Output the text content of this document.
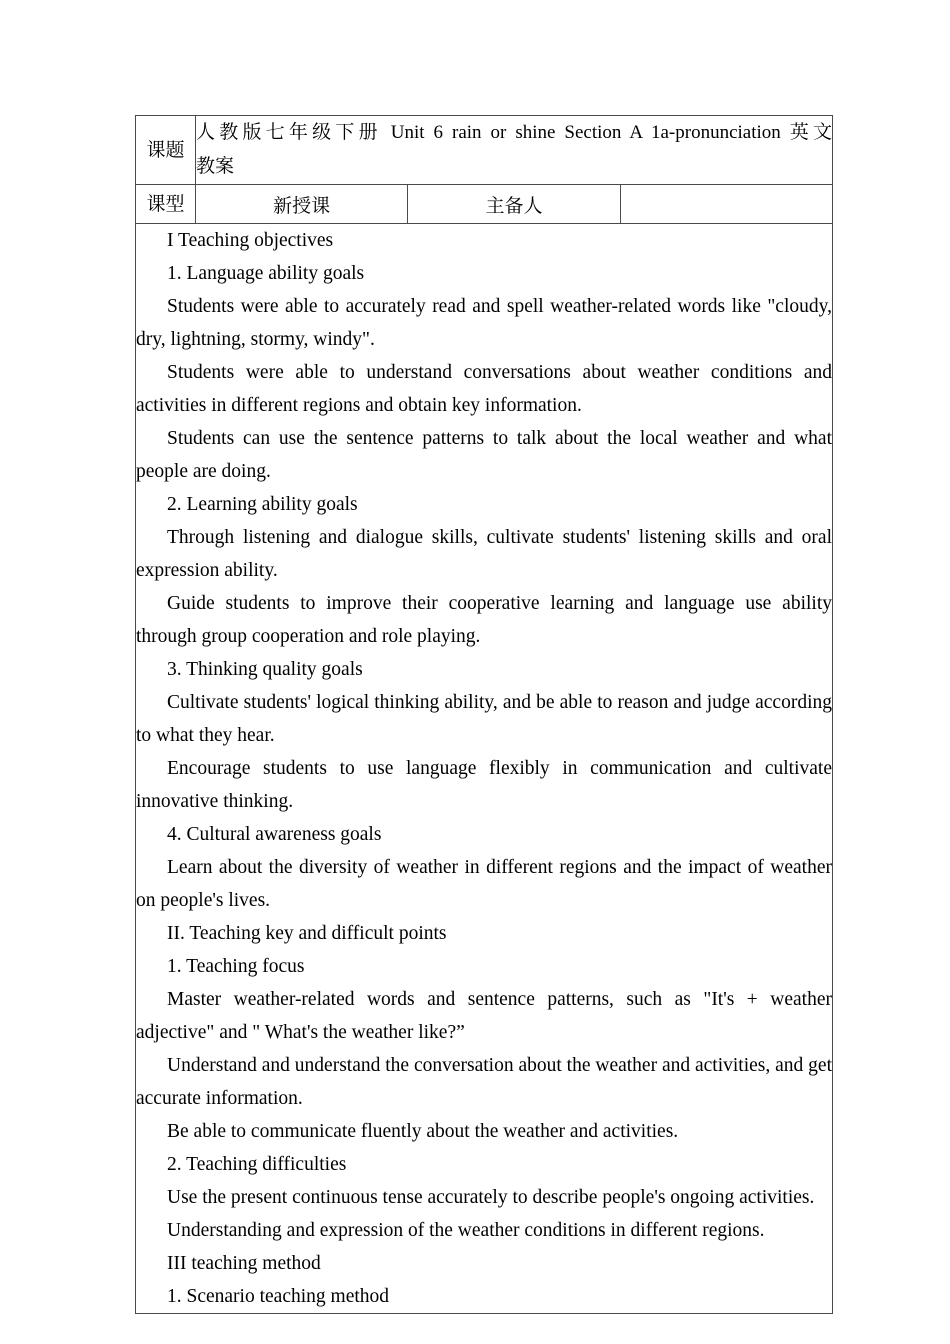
课题	人教版七年级下册 Unit 6 rain or shine Section A 1a-pronunciation 英文
教案		

课型	新授课	主备人	

I Teaching objectives

1. Language ability goals

Students were able to accurately read and spell weather-related words like "cloudy, dry, lightning, stormy, windy".

Students were able to understand conversations about weather conditions and activities in different regions and obtain key information.

Students can use the sentence patterns to talk about the local weather and what people are doing.

2. Learning ability goals

Through listening and dialogue skills, cultivate students' listening skills and oral expression ability.

Guide students to improve their cooperative learning and language use ability through group cooperation and role playing.

3. Thinking quality goals

Cultivate students' logical thinking ability, and be able to reason and judge according to what they hear.

Encourage students to use language flexibly in communication and cultivate innovative thinking.

4. Cultural awareness goals

Learn about the diversity of weather in different regions and the impact of weather on people's lives.

II. Teaching key and difficult points

1. Teaching focus

Master weather-related words and sentence patterns, such as "It's + weather adjective" and " What's the weather like?”

Understand and understand the conversation about the weather and activities, and get accurate information.

Be able to communicate fluently about the weather and activities.

2. Teaching difficulties

Use the present continuous tense accurately to describe people's ongoing activities.

Understanding and expression of the weather conditions in different regions.

III teaching method

1. Scenario teaching method
